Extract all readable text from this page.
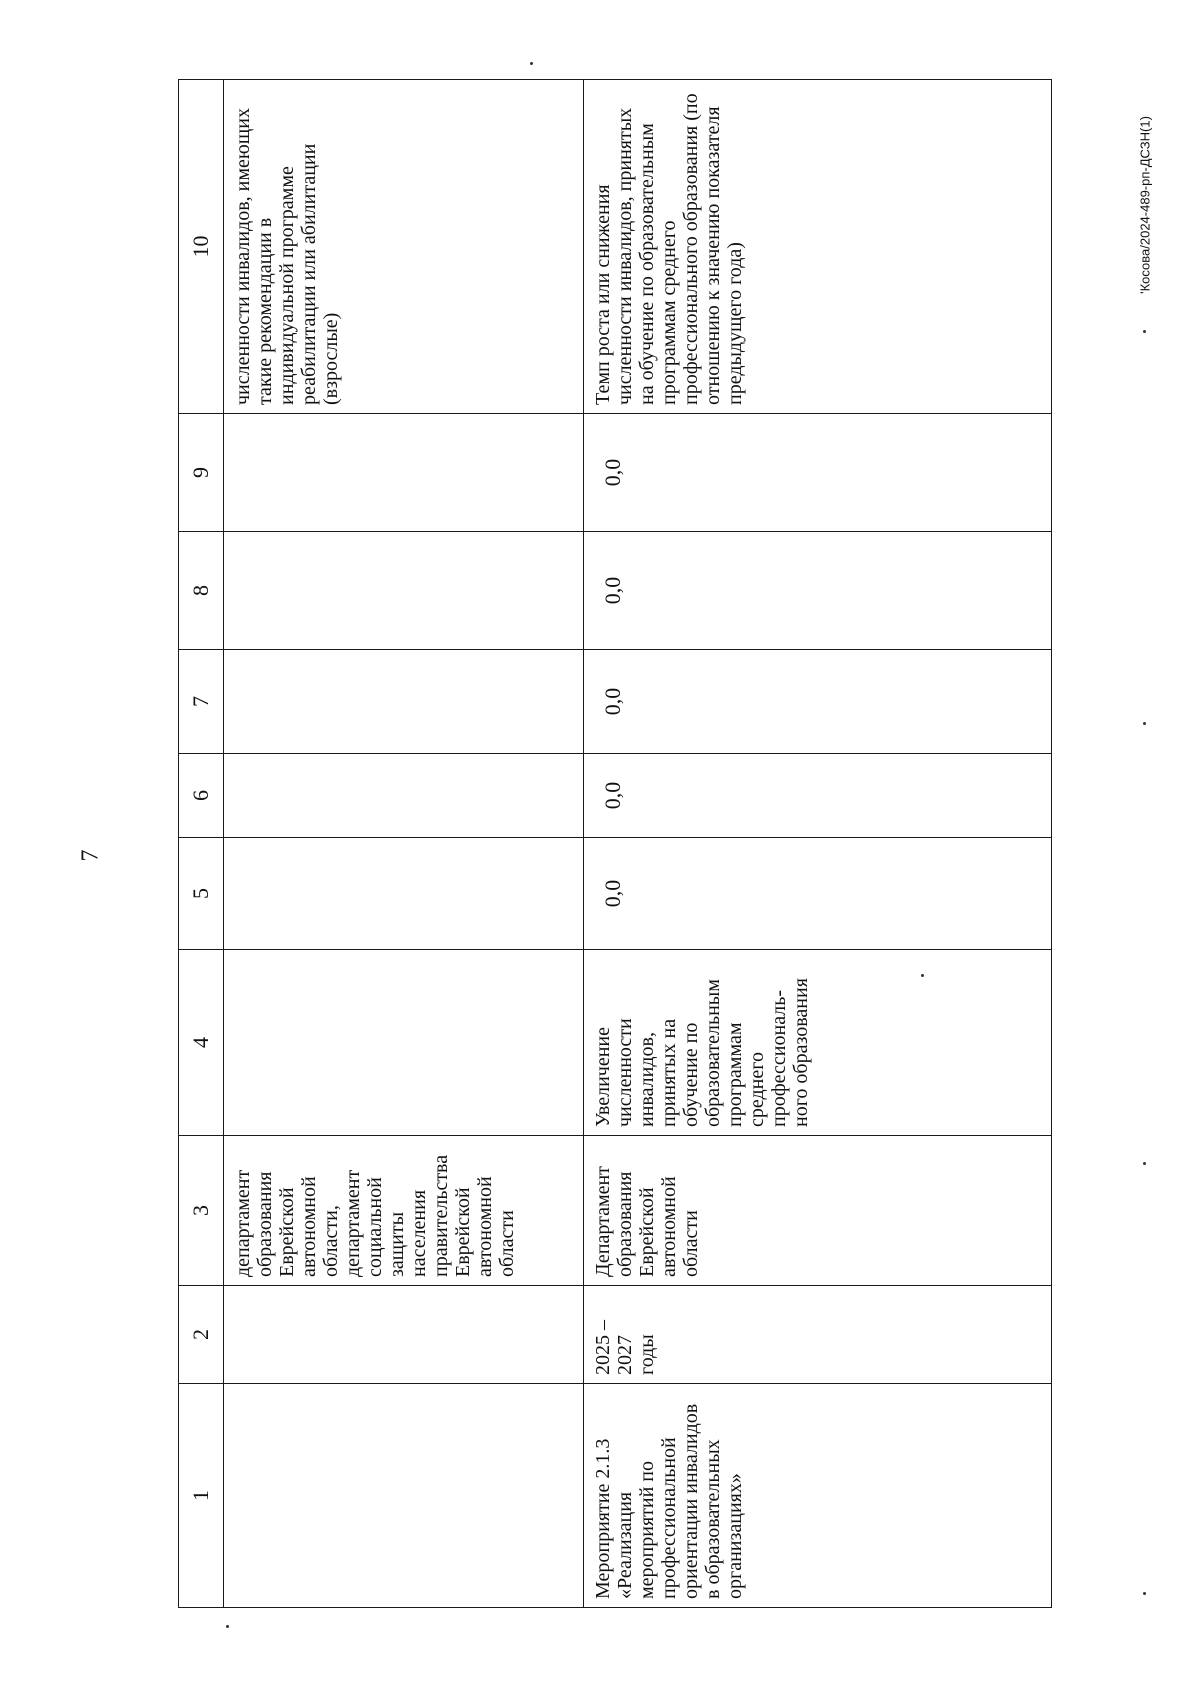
7
'Косова/2024-489-рп-ДСЗН(1)
1	2	3	4	5	6	7	8	9	10

		департамент образования Еврейской автономной области, департамент социальной защиты населения правительства Еврейской автономной области							численности инвалидов, имеющих такие рекомендации в индивидуальной программе реабилитации или абилитации (взрослые)

Мероприятие 2.1.3 «Реализация мероприятий по профессиональной ориентации инвалидов в образовательных организациях»	2025 – 2027 годы	Департамент образования Еврейской автономной области	Увеличение численности инвалидов, принятых на обучение по образовательным программам среднего профессиональ-ного образования	0,0	0,0	0,0	0,0	0,0	Темп роста или снижения численности инвалидов, принятых на обучение по образовательным программам среднего профессионального образования (по отношению к значению показателя предыдущего года)
